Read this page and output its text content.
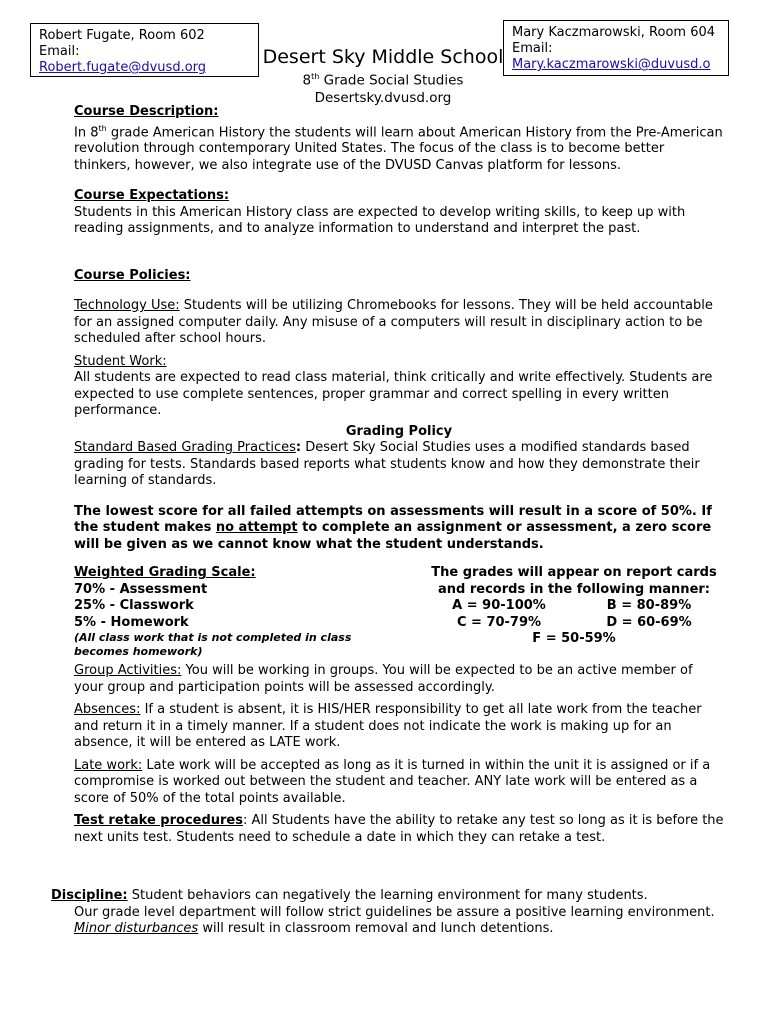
Robert Fugate, Room 602
Email:
Robert.fugate@dvusd.org
Mary Kaczmarowski, Room 604
Email:
Mary.kaczmarowski@duvusd.o
Desert Sky Middle School
8th Grade Social Studies
Desertsky.dvusd.org

Course Description:

In 8th grade American History the students will learn about American History from the Pre-American revolution through contemporary United States. The focus of the class is to become better thinkers, however, we also integrate use of the DVUSD Canvas platform for lessons.

Course Expectations:

Students in this American History class are expected to develop writing skills, to keep up with reading assignments, and to analyze information to understand and interpret the past.

Course Policies:

Technology Use: Students will be utilizing Chromebooks for lessons. They will be held accountable for an assigned computer daily. Any misuse of a computers will result in disciplinary action to be scheduled after school hours.

Student Work:

All students are expected to read class material, think critically and write effectively. Students are expected to use complete sentences, proper grammar and correct spelling in every written performance.

Grading Policy

Standard Based Grading Practices: Desert Sky Social Studies uses a modified standards based grading for tests. Standards based reports what students know and how they demonstrate their learning of standards.

The lowest score for all failed attempts on assessments will result in a score of 50%. If the student makes no attempt to complete an assignment or assessment, a zero score will be given as we cannot know what the student understands.

Weighted Grading Scale:

70% - Assessment

25% - Classwork

5% - Homework

(All class work that is not completed in class becomes homework)

The grades will appear on report cards and records in the following manner:

A = 90-100%	B = 80-89%
C = 70-79%	D = 60-69%

F = 50-59%

Group Activities: You will be working in groups. You will be expected to be an active member of your group and participation points will be assessed accordingly.

Absences: If a student is absent, it is HIS/HER responsibility to get all late work from the teacher and return it in a timely manner. If a student does not indicate the work is making up for an absence, it will be entered as LATE work.

Late work: Late work will be accepted as long as it is turned in within the unit it is assigned or if a compromise is worked out between the student and teacher. ANY late work will be entered as a score of 50% of the total points available.

Test retake procedures: All Students have the ability to retake any test so long as it is before the next units test. Students need to schedule a date in which they can retake a test.

Discipline: Student behaviors can negatively the learning environment for many students.

Our grade level department will follow strict guidelines be assure a positive learning environment.

Minor disturbances will result in classroom removal and lunch detentions.
